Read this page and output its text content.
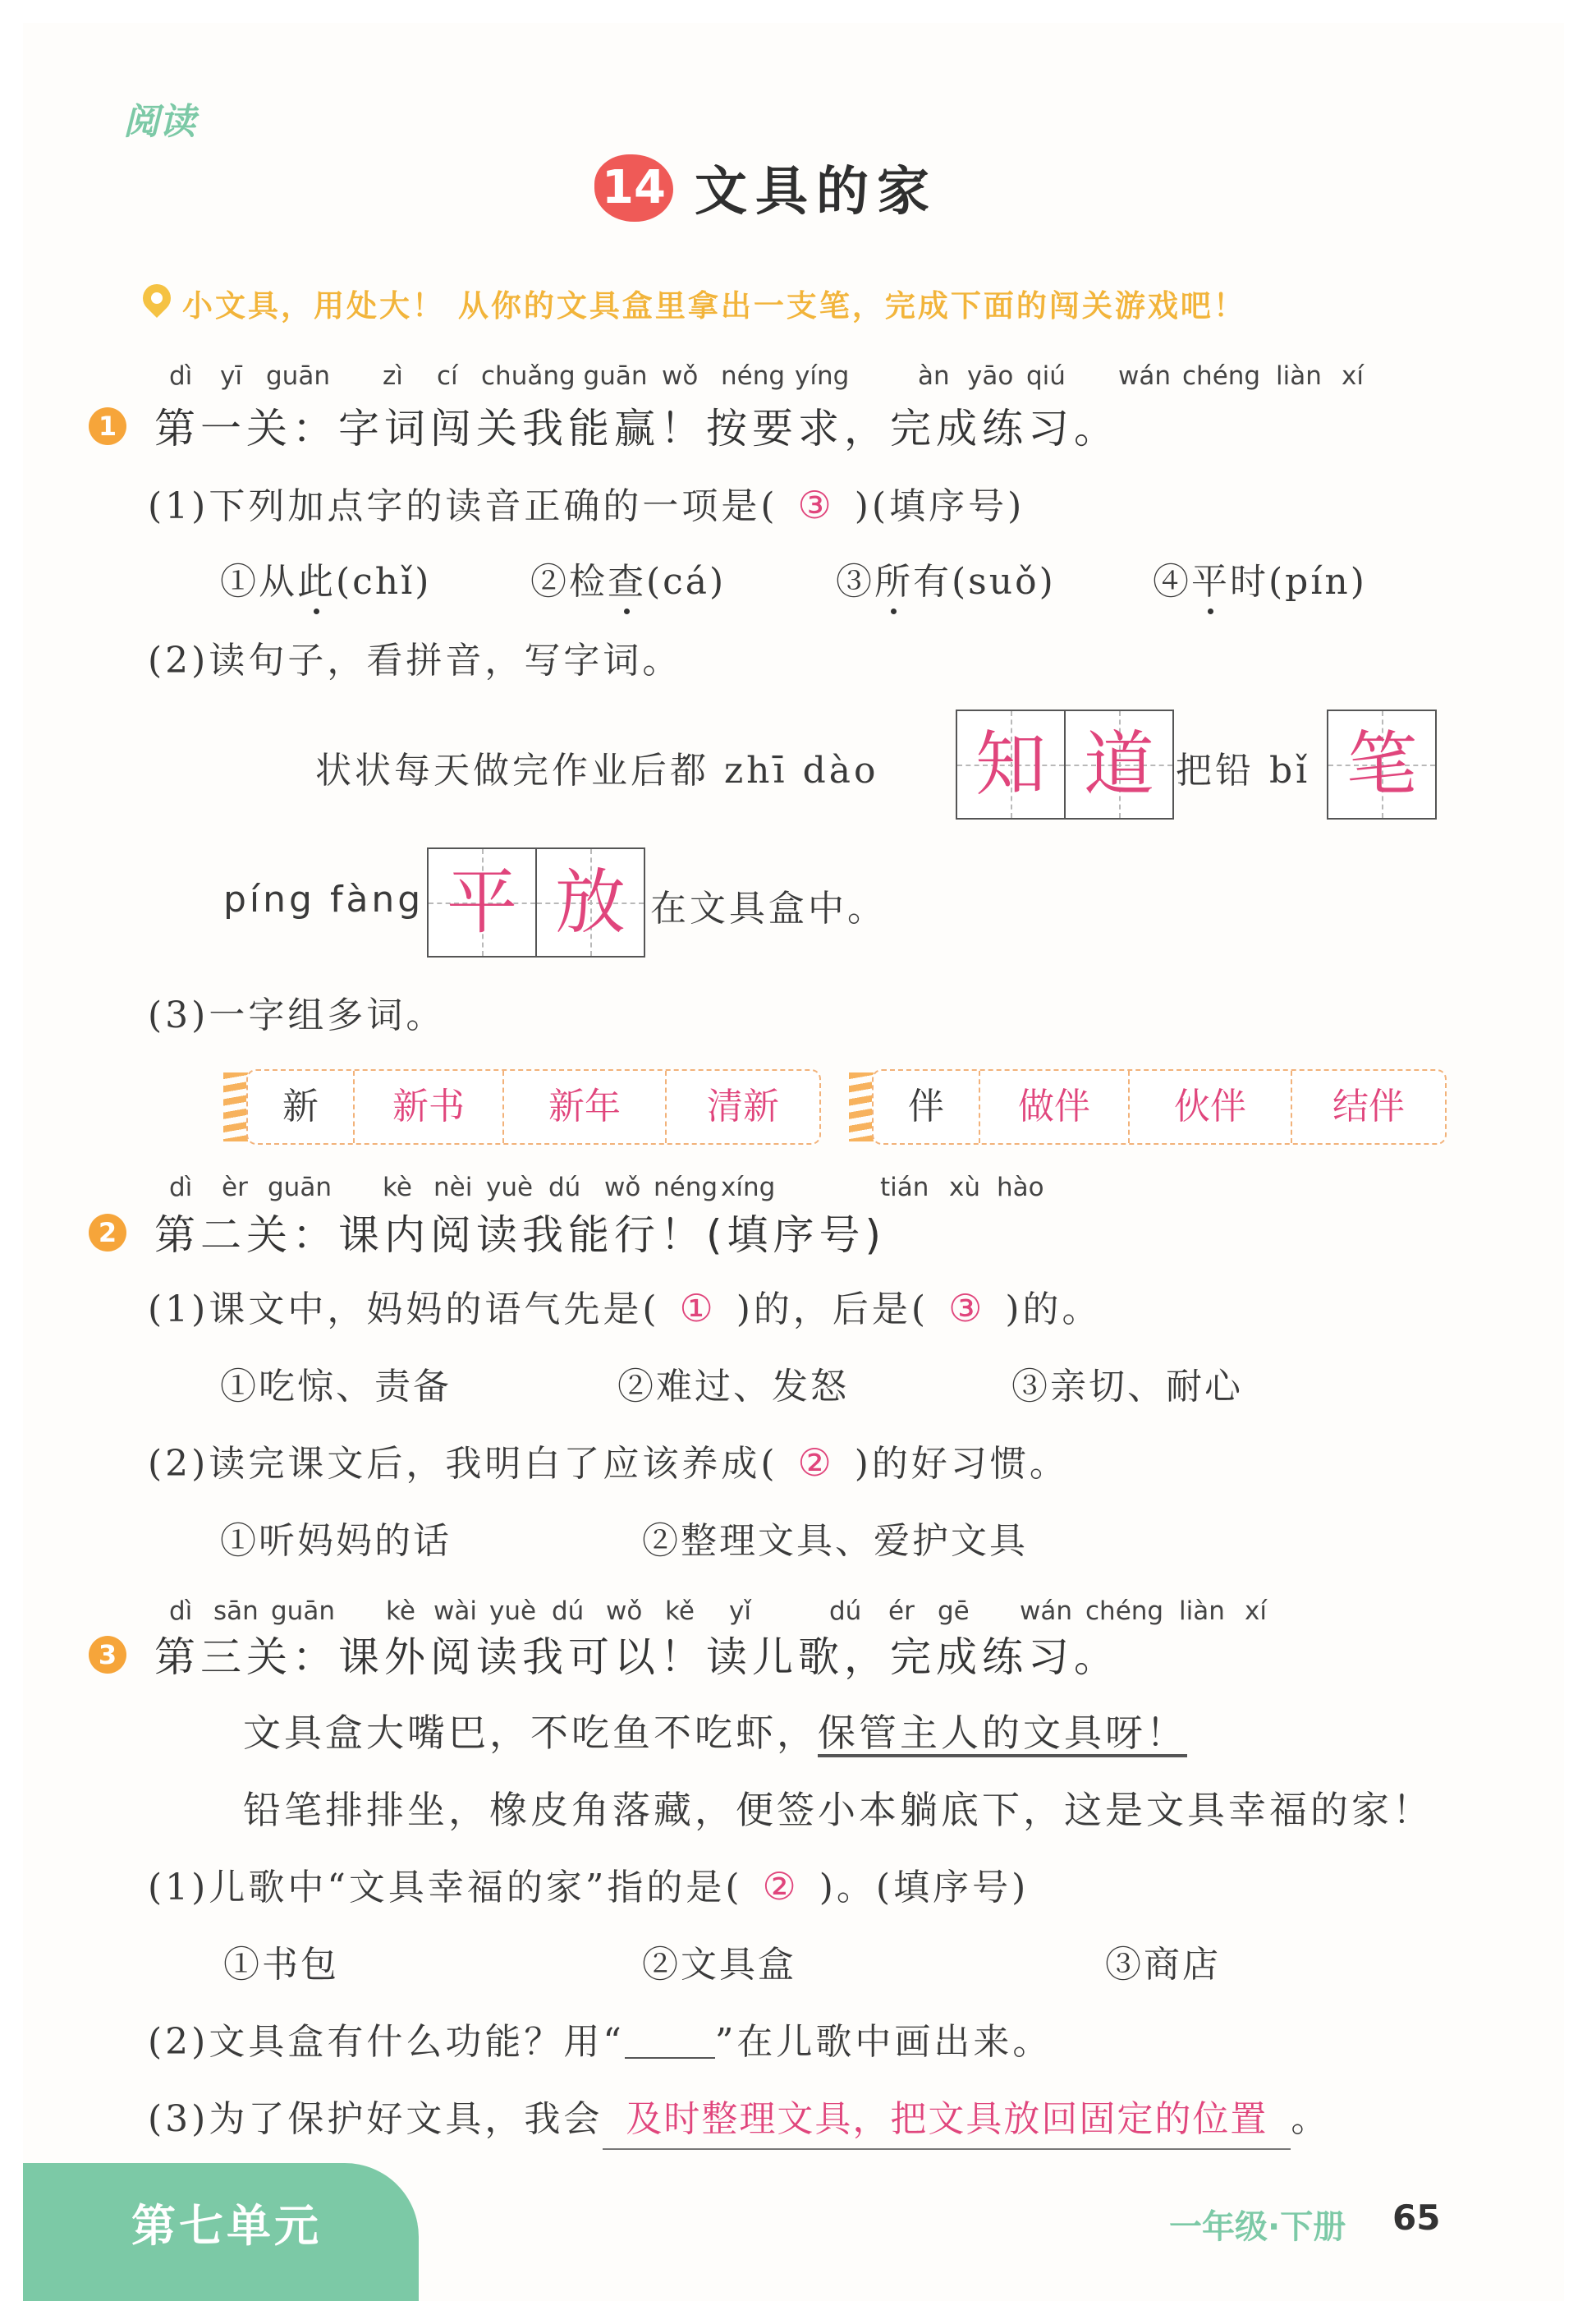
阅读
14 文具的家
小文具，用处大！ 从你的文具盒里拿出一支笔，完成下面的闯关游戏吧！
dì yī guān zì cí chuǎng guān wǒ néng yíng	àn yāo qiú wán chéng liàn xí
1 第一关：字词闯关我能赢！按要求，完成练习。
(1)下列加点字的读音正确的一项是( ③ )(填序号)
①从此(chǐ)	②检查(cá)	③所有(suǒ)	④平时(pín)
(2)读句子，看拼音，写字词。
状状每天做完作业后都 zhī dào 知 道 把铅 bǐ 笔
píng fàng 平 放 在文具盒中。
(3)一字组多词。
新	新书	新年	清新	伴	做伴	伙伴	结伴
dì èr guān kè nèi yuè dú wǒ néng xíng	tián xù hào
2 第二关：课内阅读我能行！(填序号)
(1)课文中，妈妈的语气先是( ① )的，后是( ③ )的。
①吃惊、责备	②难过、发怒	③亲切、耐心
(2)读完课文后，我明白了应该养成( ② )的好习惯。
①听妈妈的话	②整理文具、爱护文具
dì sān guān kè wài yuè dú wǒ kě yǐ	dú ér gē wán chéng liàn xí
3 第三关：课外阅读我可以！读儿歌，完成练习。
文具盒大嘴巴，不吃鱼不吃虾，保管主人的文具呀！
铅笔排排坐，橡皮角落藏，便签小本躺底下，这是文具幸福的家！
(1)儿歌中“文具幸福的家”指的是( ② )。(填序号)
①书包	②文具盒	③商店
(2)文具盒有什么功能？用“	”在儿歌中画出来。
(3)为了保护好文具，我会 及时整理文具，把文具放回固定的位置 。
第七单元	一年级·下册 65
